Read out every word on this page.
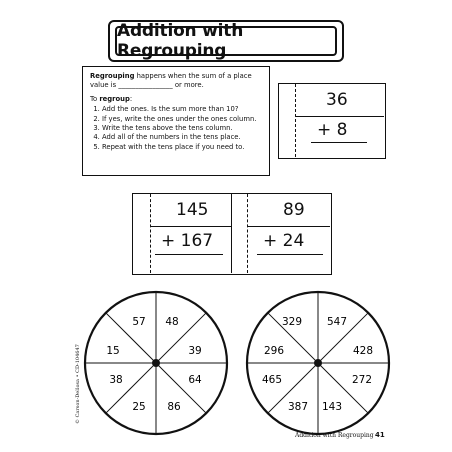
Addition with Regrouping

Regrouping happens when the sum of a place

value is ________________ or more.

To regroup:

1. Add the ones. Is the sum more than 10?
2. If yes, write the ones under the ones column.
3. Write the tens above the tens column.
4. Add all of the numbers in the tens place.
5. Repeat with the tens place if you need to.
36
+ 8
145
+ 167
89
+ 24
57 48
39
64
86
25
38
15
329 547
428
272
143
387
465
296
© Carson-Dellosa • CD-104647
Addition with Regrouping 41
